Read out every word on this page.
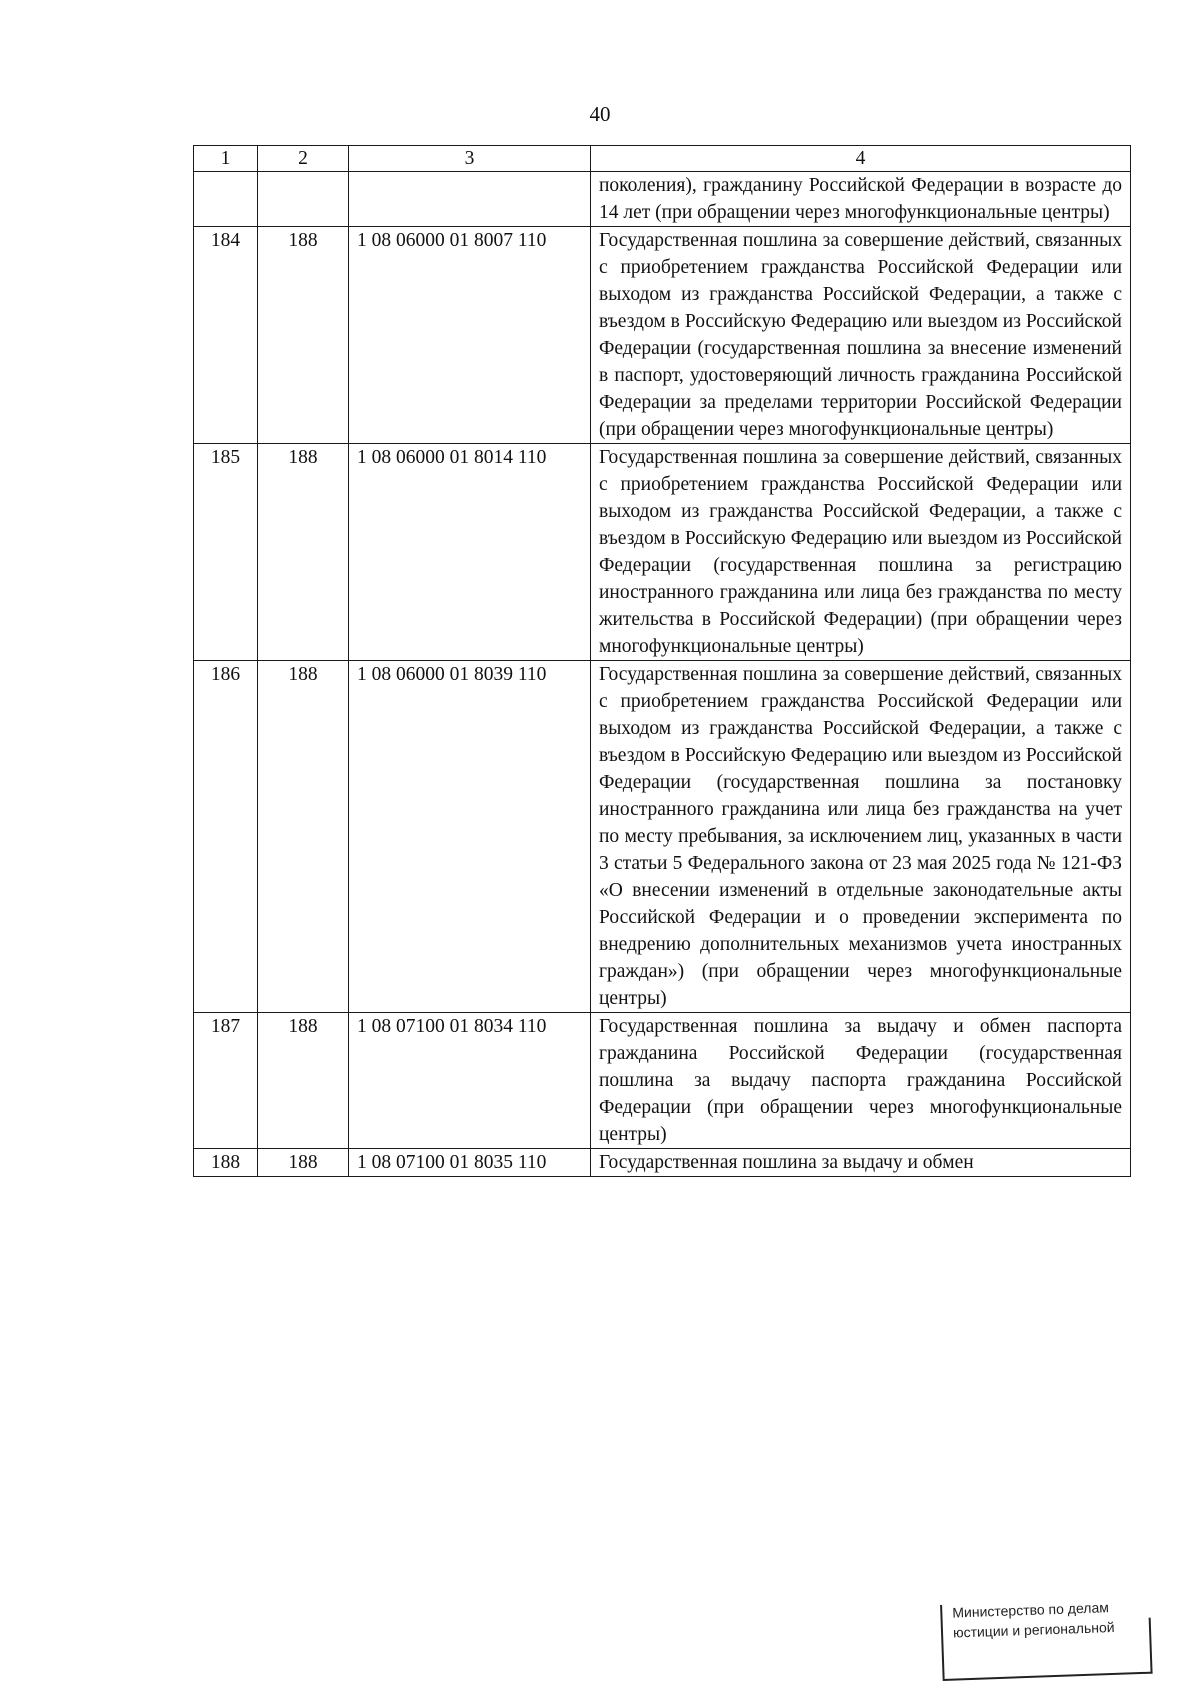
40
1	2	3	4
			поколения), гражданину Российской Федерации в возрасте до 14 лет (при обращении через многофункциональные центры)
184	188	1 08 06000 01 8007 110	Государственная пошлина за совершение действий, связанных с приобретением гражданства Российской Федерации или выходом из гражданства Российской Федерации, а также с въездом в Российскую Федерацию или выездом из Российской Федерации (государственная пошлина за внесение изменений в паспорт, удостоверяющий личность гражданина Российской Федерации за пределами территории Российской Федерации (при обращении через многофункциональные центры)
185	188	1 08 06000 01 8014 110	Государственная пошлина за совершение действий, связанных с приобретением гражданства Российской Федерации или выходом из гражданства Российской Федерации, а также с въездом в Российскую Федерацию или выездом из Российской Федерации (государственная пошлина за регистрацию иностранного гражданина или лица без гражданства по месту жительства в Российской Федерации) (при обращении через многофункциональные центры)
186	188	1 08 06000 01 8039 110	Государственная пошлина за совершение действий, связанных с приобретением гражданства Российской Федерации или выходом из гражданства Российской Федерации, а также с въездом в Российскую Федерацию или выездом из Российской Федерации (государственная пошлина за постановку иностранного гражданина или лица без гражданства на учет по месту пребывания, за исключением лиц, указанных в части 3 статьи 5 Федерального закона от 23 мая 2025 года № 121-ФЗ «О внесении изменений в отдельные законодательные акты Российской Федерации и о проведении эксперимента по внедрению дополнительных механизмов учета иностранных граждан») (при обращении через многофункциональные центры)
187	188	1 08 07100 01 8034 110	Государственная пошлина за выдачу и обмен паспорта гражданина Российской Федерации (государственная пошлина за выдачу паспорта гражданина Российской Федерации (при обращении через многофункциональные центры)
188	188	1 08 07100 01 8035 110	Государственная пошлина за выдачу и обмен
Министерство по делам
юстиции и региональной
